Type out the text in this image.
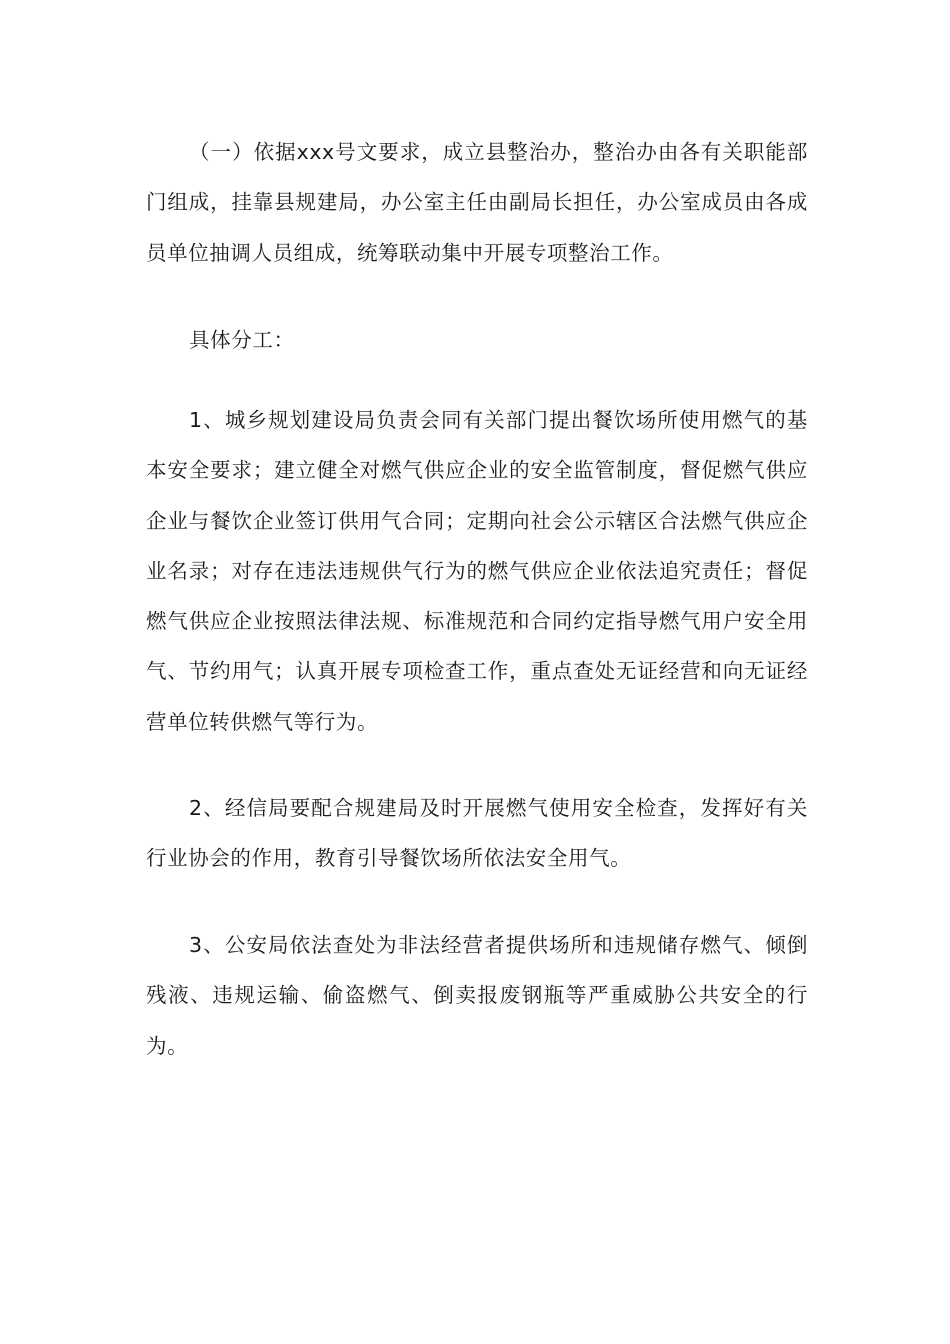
（一）依据xxx号文要求，成立县整治办，整治办由各有关职能部门组成，挂靠县规建局，办公室主任由副局长担任，办公室成员由各成员单位抽调人员组成，统筹联动集中开展专项整治工作。

具体分工：

1、城乡规划建设局负责会同有关部门提出餐饮场所使用燃气的基本安全要求；建立健全对燃气供应企业的安全监管制度，督促燃气供应企业与餐饮企业签订供用气合同；定期向社会公示辖区合法燃气供应企业名录；对存在违法违规供气行为的燃气供应企业依法追究责任；督促燃气供应企业按照法律法规、标准规范和合同约定指导燃气用户安全用气、节约用气；认真开展专项检查工作，重点查处无证经营和向无证经营单位转供燃气等行为。

2、经信局要配合规建局及时开展燃气使用安全检查，发挥好有关行业协会的作用，教育引导餐饮场所依法安全用气。

3、公安局依法查处为非法经营者提供场所和违规储存燃气、倾倒残液、违规运输、偷盗燃气、倒卖报废钢瓶等严重威胁公共安全的行为。
